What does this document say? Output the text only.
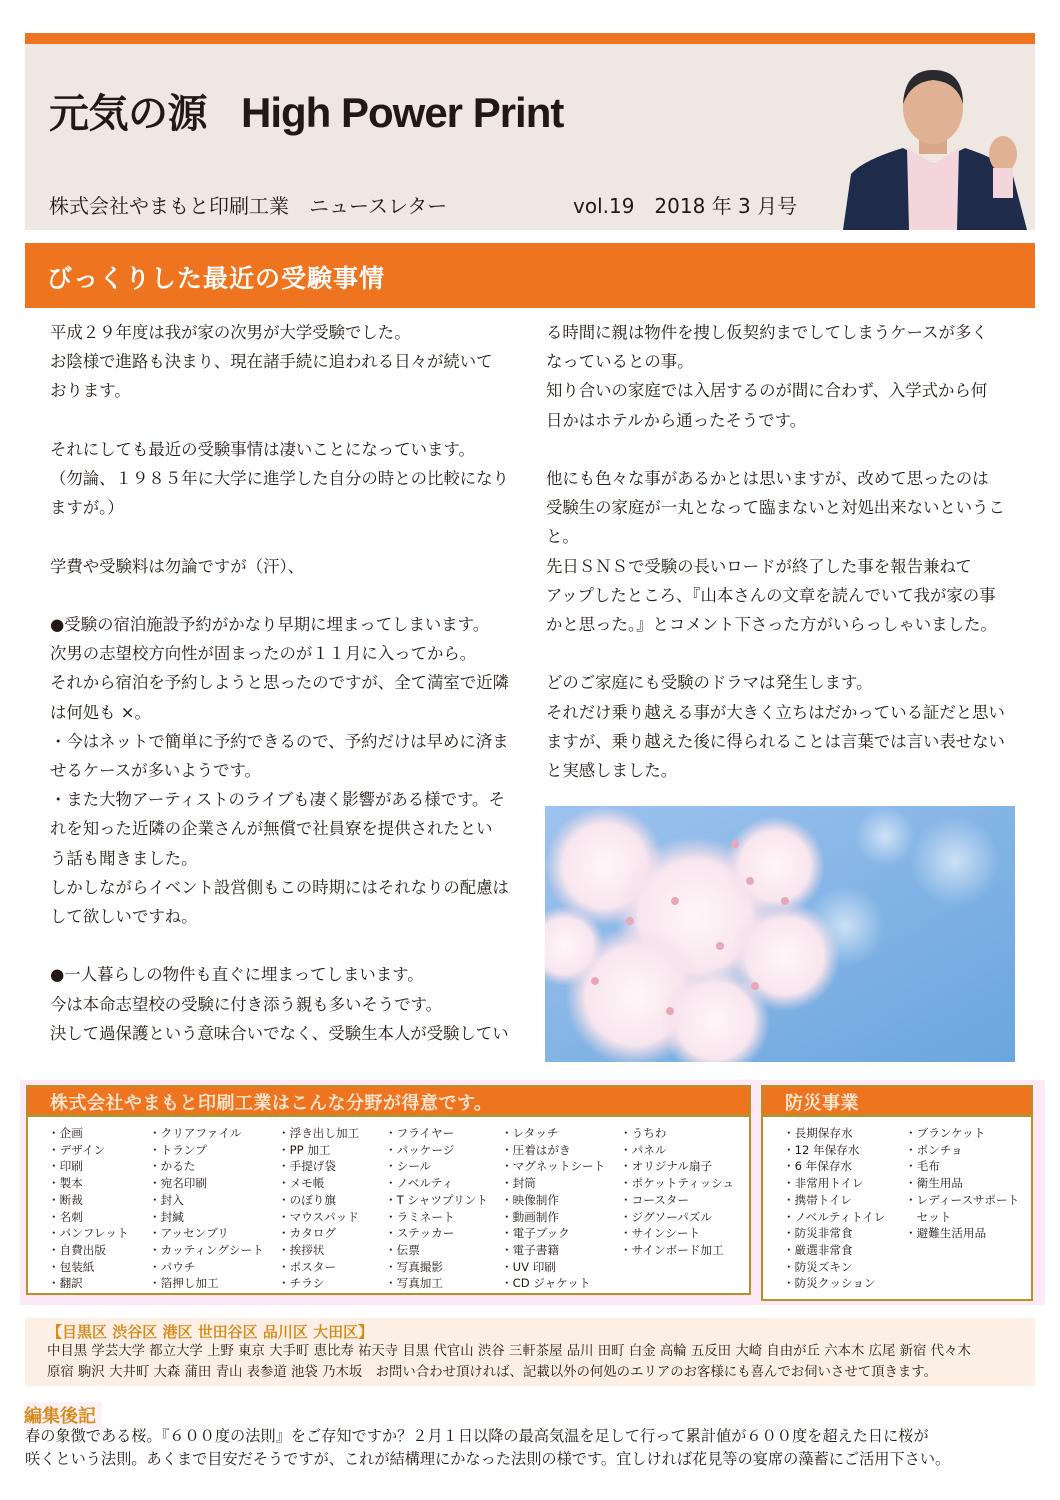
元気の源 High Power Print
株式会社やまもと印刷工業　ニュースレター	vol.19　2018 年 3 月号
びっくりした最近の受験事情

平成２９年度は我が家の次男が大学受験でした。

お陰様で進路も決まり、現在諸手続に追われる日々が続いて

おります。

それにしても最近の受験事情は凄いことになっています。

（勿論、１９８５年に大学に進学した自分の時との比較になり

ますが。）

学費や受験料は勿論ですが（汗）、

●受験の宿泊施設予約がかなり早期に埋まってしまいます。

次男の志望校方向性が固まったのが１１月に入ってから。

それから宿泊を予約しようと思ったのですが、全て満室で近隣

は何処も ×。

・今はネットで簡単に予約できるので、予約だけは早めに済ま

せるケースが多いようです。

・また大物アーティストのライブも凄く影響がある様です。そ

れを知った近隣の企業さんが無償で社員寮を提供されたとい

う話も聞きました。

しかしながらイベント設営側もこの時期にはそれなりの配慮は

して欲しいですね。

●一人暮らしの物件も直ぐに埋まってしまいます。

今は本命志望校の受験に付き添う親も多いそうです。

決して過保護という意味合いでなく、受験生本人が受験してい

る時間に親は物件を捜し仮契約までしてしまうケースが多く

なっているとの事。

知り合いの家庭では入居するのが間に合わず、入学式から何

日かはホテルから通ったそうです。

他にも色々な事があるかとは思いますが、改めて思ったのは

受験生の家庭が一丸となって臨まないと対処出来ないというこ

と。

先日ＳＮＳで受験の長いロードが終了した事を報告兼ねて

アップしたところ、『山本さんの文章を読んでいて我が家の事

かと思った。』とコメント下さった方がいらっしゃいました。

どのご家庭にも受験のドラマは発生します。

それだけ乗り越える事が大きく立ちはだかっている証だと思い

ますが、乗り越えた後に得られることは言葉では言い表せない

と実感しました。

株式会社やまもと印刷工業はこんな分野が得意です。
・企画
・デザイン
・印刷
・製本
・断裁
・名刺
・パンフレット
・自費出版
・包装紙
・翻訳
・クリアファイル
・トランプ
・かるた
・宛名印刷
・封入
・封緘
・アッセンブリ
・カッティングシート
・パウチ
・箔押し加工
・浮き出し加工
・PP 加工
・手提げ袋
・メモ帳
・のぼり旗
・マウスパッド
・カタログ
・挨拶状
・ポスター
・チラシ
・フライヤー
・パッケージ
・シール
・ノベルティ
・T シャツプリント
・ラミネート
・ステッカー
・伝票
・写真撮影
・写真加工
・レタッチ
・圧着はがき
・マグネットシート
・封筒
・映像制作
・動画制作
・電子ブック
・電子書籍
・UV 印刷
・CD ジャケット
・うちわ
・パネル
・オリジナル扇子
・ポケットティッシュ
・コースター
・ジグソーパズル
・サインシート
・サインボード加工
防災事業
・長期保存水
・12 年保存水
・6 年保存水
・非常用トイレ
・携帯トイレ
・ノベルティトイレ
・防災非常食
・厳選非常食
・防災ズキン
・防災クッション
・ブランケット
・ポンチョ
・毛布
・衛生用品
・レディースサポート
　セット
・避難生活用品
【目黒区 渋谷区 港区 世田谷区 品川区 大田区】
中目黒 学芸大学 都立大学 上野 東京 大手町 恵比寿 祐天寺 目黒 代官山 渋谷 三軒茶屋 品川 田町 白金 高輪 五反田 大崎 自由が丘 六本木 広尾 新宿 代々木
原宿 駒沢 大井町 大森 蒲田 青山 表参道 池袋 乃木坂　お問い合わせ頂ければ、記載以外の何処のエリアのお客様にも喜んでお伺いさせて頂きます。
編集後記
春の象徴である桜。『６００度の法則』をご存知ですか？２月１日以降の最高気温を足して行って累計値が６００度を超えた日に桜が
咲くという法則。あくまで目安だそうですが、これが結構理にかなった法則の様です。宜しければ花見等の宴席の藻蓄にご活用下さい。
